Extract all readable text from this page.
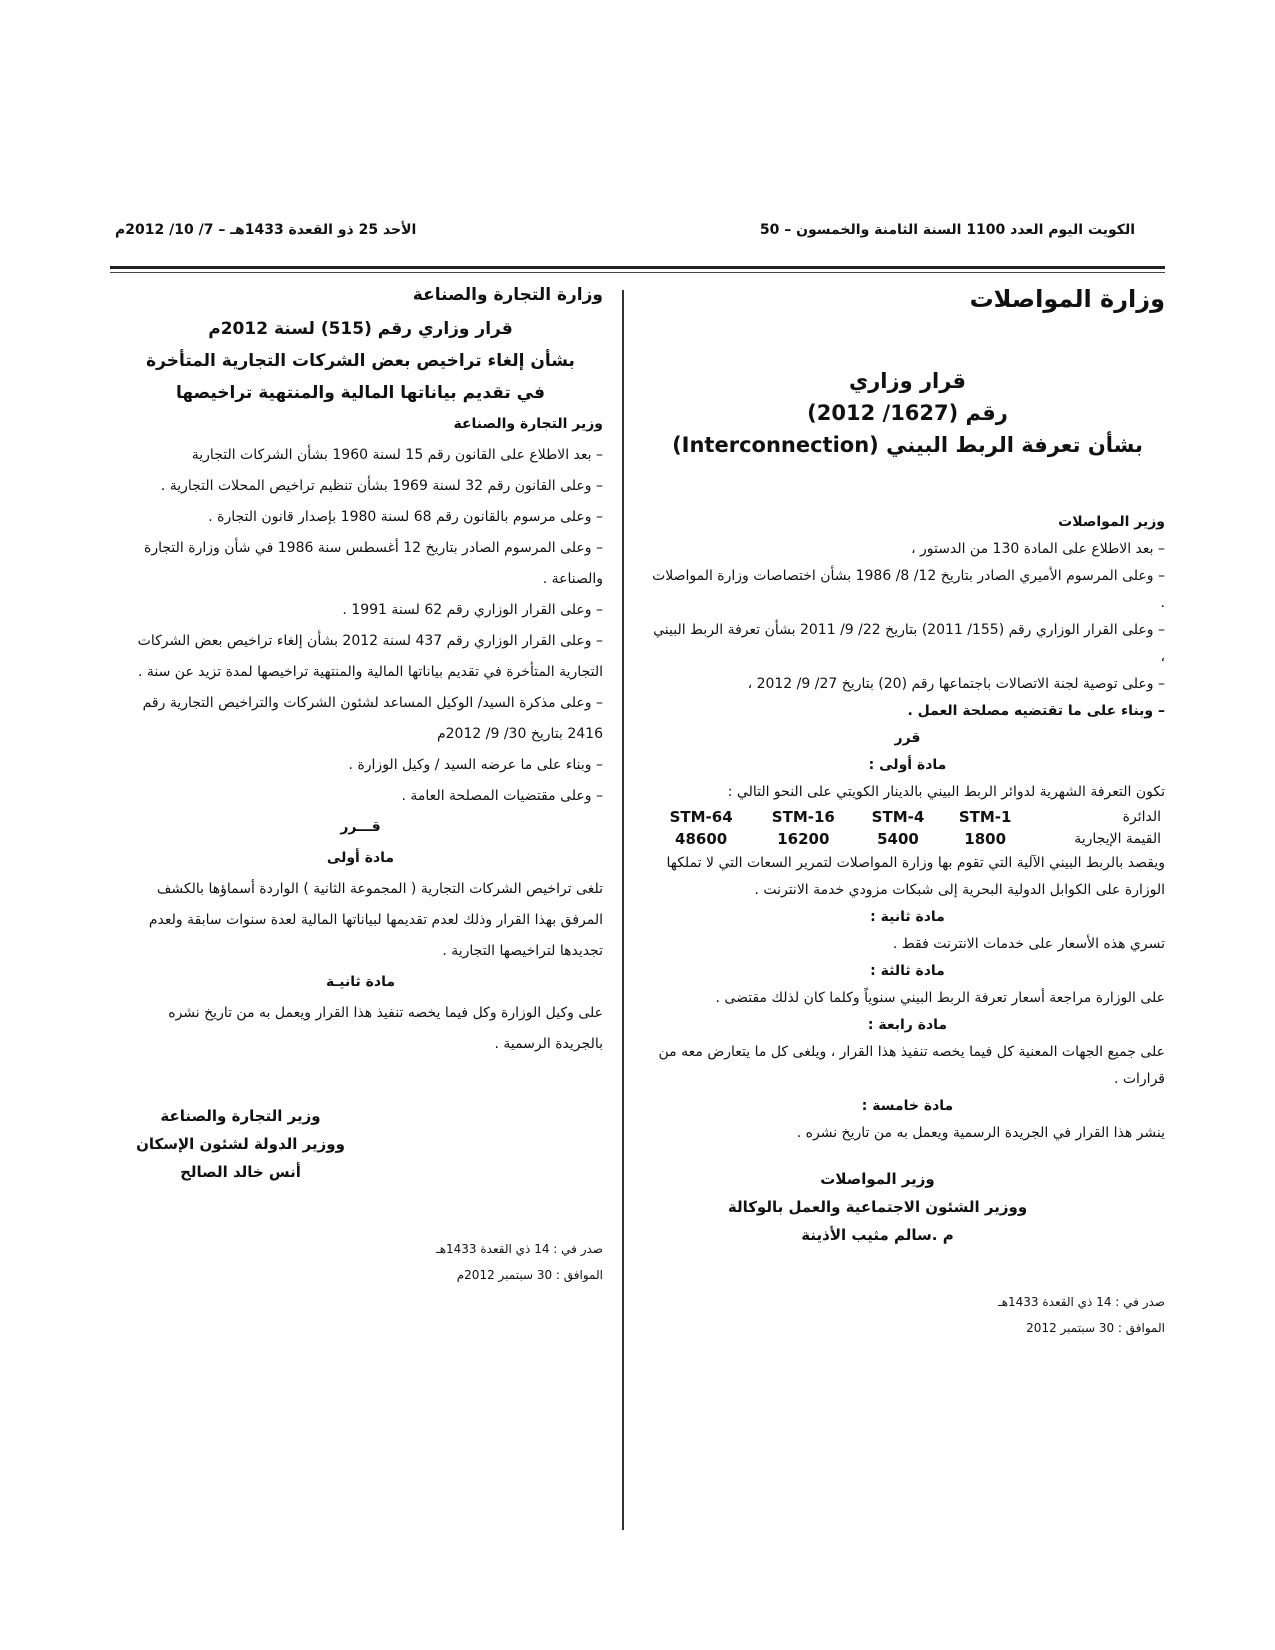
الكويت اليوم العدد 1100 السنة الثامنة والخمسون – 50
الأحد 25 ذو القعدة 1433هـ – 7/ 10/ 2012م
وزارة المواصلات
قرار وزاري
رقم (1627/ 2012)
بشأن تعرفة الربط البيني (Interconnection)

وزير المواصلات

– بعد الاطلاع على المادة 130 من الدستور ،

– وعلى المرسوم الأميري الصادر بتاريخ 12/ 8/ 1986 بشأن اختصاصات وزارة المواصلات .

– وعلى القرار الوزاري رقم (155/ 2011) بتاريخ 22/ 9/ 2011 بشأن تعرفة الربط البيني ،

– وعلى توصية لجنة الاتصالات باجتماعها رقم (20) بتاريخ 27/ 9/ 2012 ،

– وبناء على ما تقتضيه مصلحة العمل .

قرر

مادة أولى :

تكون التعرفة الشهرية لدوائر الربط البيني بالدينار الكويتي على النحو التالي :

الدائرة	STM-1	STM-4	STM-16	STM-64
القيمة الإيجارية	1800	5400	16200	48600

ويقصد بالربط البيني الآلية التي تقوم بها وزارة المواصلات لتمرير السعات التي لا تملكها الوزارة على الكوابل الدولية البحرية إلى شبكات مزودي خدمة الانترنت .

مادة ثانية :

تسري هذه الأسعار على خدمات الانترنت فقط .

مادة ثالثة :

على الوزارة مراجعة أسعار تعرفة الربط البيني سنوياً وكلما كان لذلك مقتضى .

مادة رابعة :

على جميع الجهات المعنية كل فيما يخصه تنفيذ هذا القرار ، ويلغى كل ما يتعارض معه من قرارات .

مادة خامسة :

ينشر هذا القرار في الجريدة الرسمية ويعمل به من تاريخ نشره .

وزير المواصلات
ووزير الشئون الاجتماعية والعمل بالوكالة
م .سالم مثيب الأذينة
صدر في : 14 ذي القعدة 1433هـ
الموافق : 30 سبتمبر 2012
وزارة التجارة والصناعة
قرار وزاري رقم (515) لسنة 2012م
بشأن إلغاء تراخيص بعض الشركات التجارية المتأخرة
في تقديم بياناتها المالية والمنتهية تراخيصها

وزير التجارة والصناعة

– بعد الاطلاع على القانون رقم 15 لسنة 1960 بشأن الشركات التجارية

– وعلى القانون رقم 32 لسنة 1969 بشأن تنظيم تراخيص المحلات التجارية .

– وعلى مرسوم بالقانون رقم 68 لسنة 1980 بإصدار قانون التجارة .

– وعلى المرسوم الصادر بتاريخ 12 أغسطس سنة 1986 في شأن وزارة التجارة والصناعة .

– وعلى القرار الوزاري رقم 62 لسنة 1991 .

– وعلى القرار الوزاري رقم 437 لسنة 2012 بشأن إلغاء تراخيص بعض الشركات التجارية المتأخرة في تقديم بياناتها المالية والمنتهية تراخيصها لمدة تزيد عن سنة .

– وعلى مذكرة السيد/ الوكيل المساعد لشئون الشركات والتراخيص التجارية رقم 2416 بتاريخ 30/ 9/ 2012م

– وبناء على ما عرضه السيد / وكيل الوزارة .

– وعلى مقتضيات المصلحة العامة .

قـــرر

مادة أولى

تلغى تراخيص الشركات التجارية ( المجموعة الثانية ) الواردة أسماؤها بالكشف المرفق بهذا القرار وذلك لعدم تقديمها لبياناتها المالية لعدة سنوات سابقة ولعدم تجديدها لتراخيصها التجارية .

مادة ثانيـة

على وكيل الوزارة وكل فيما يخصه تنفيذ هذا القرار ويعمل به من تاريخ نشره بالجريدة الرسمية .

وزير التجارة والصناعة
ووزير الدولة لشئون الإسكان
أنس خالد الصالح
صدر في : 14 ذي القعدة 1433هـ
الموافق : 30 سبتمبر 2012م
